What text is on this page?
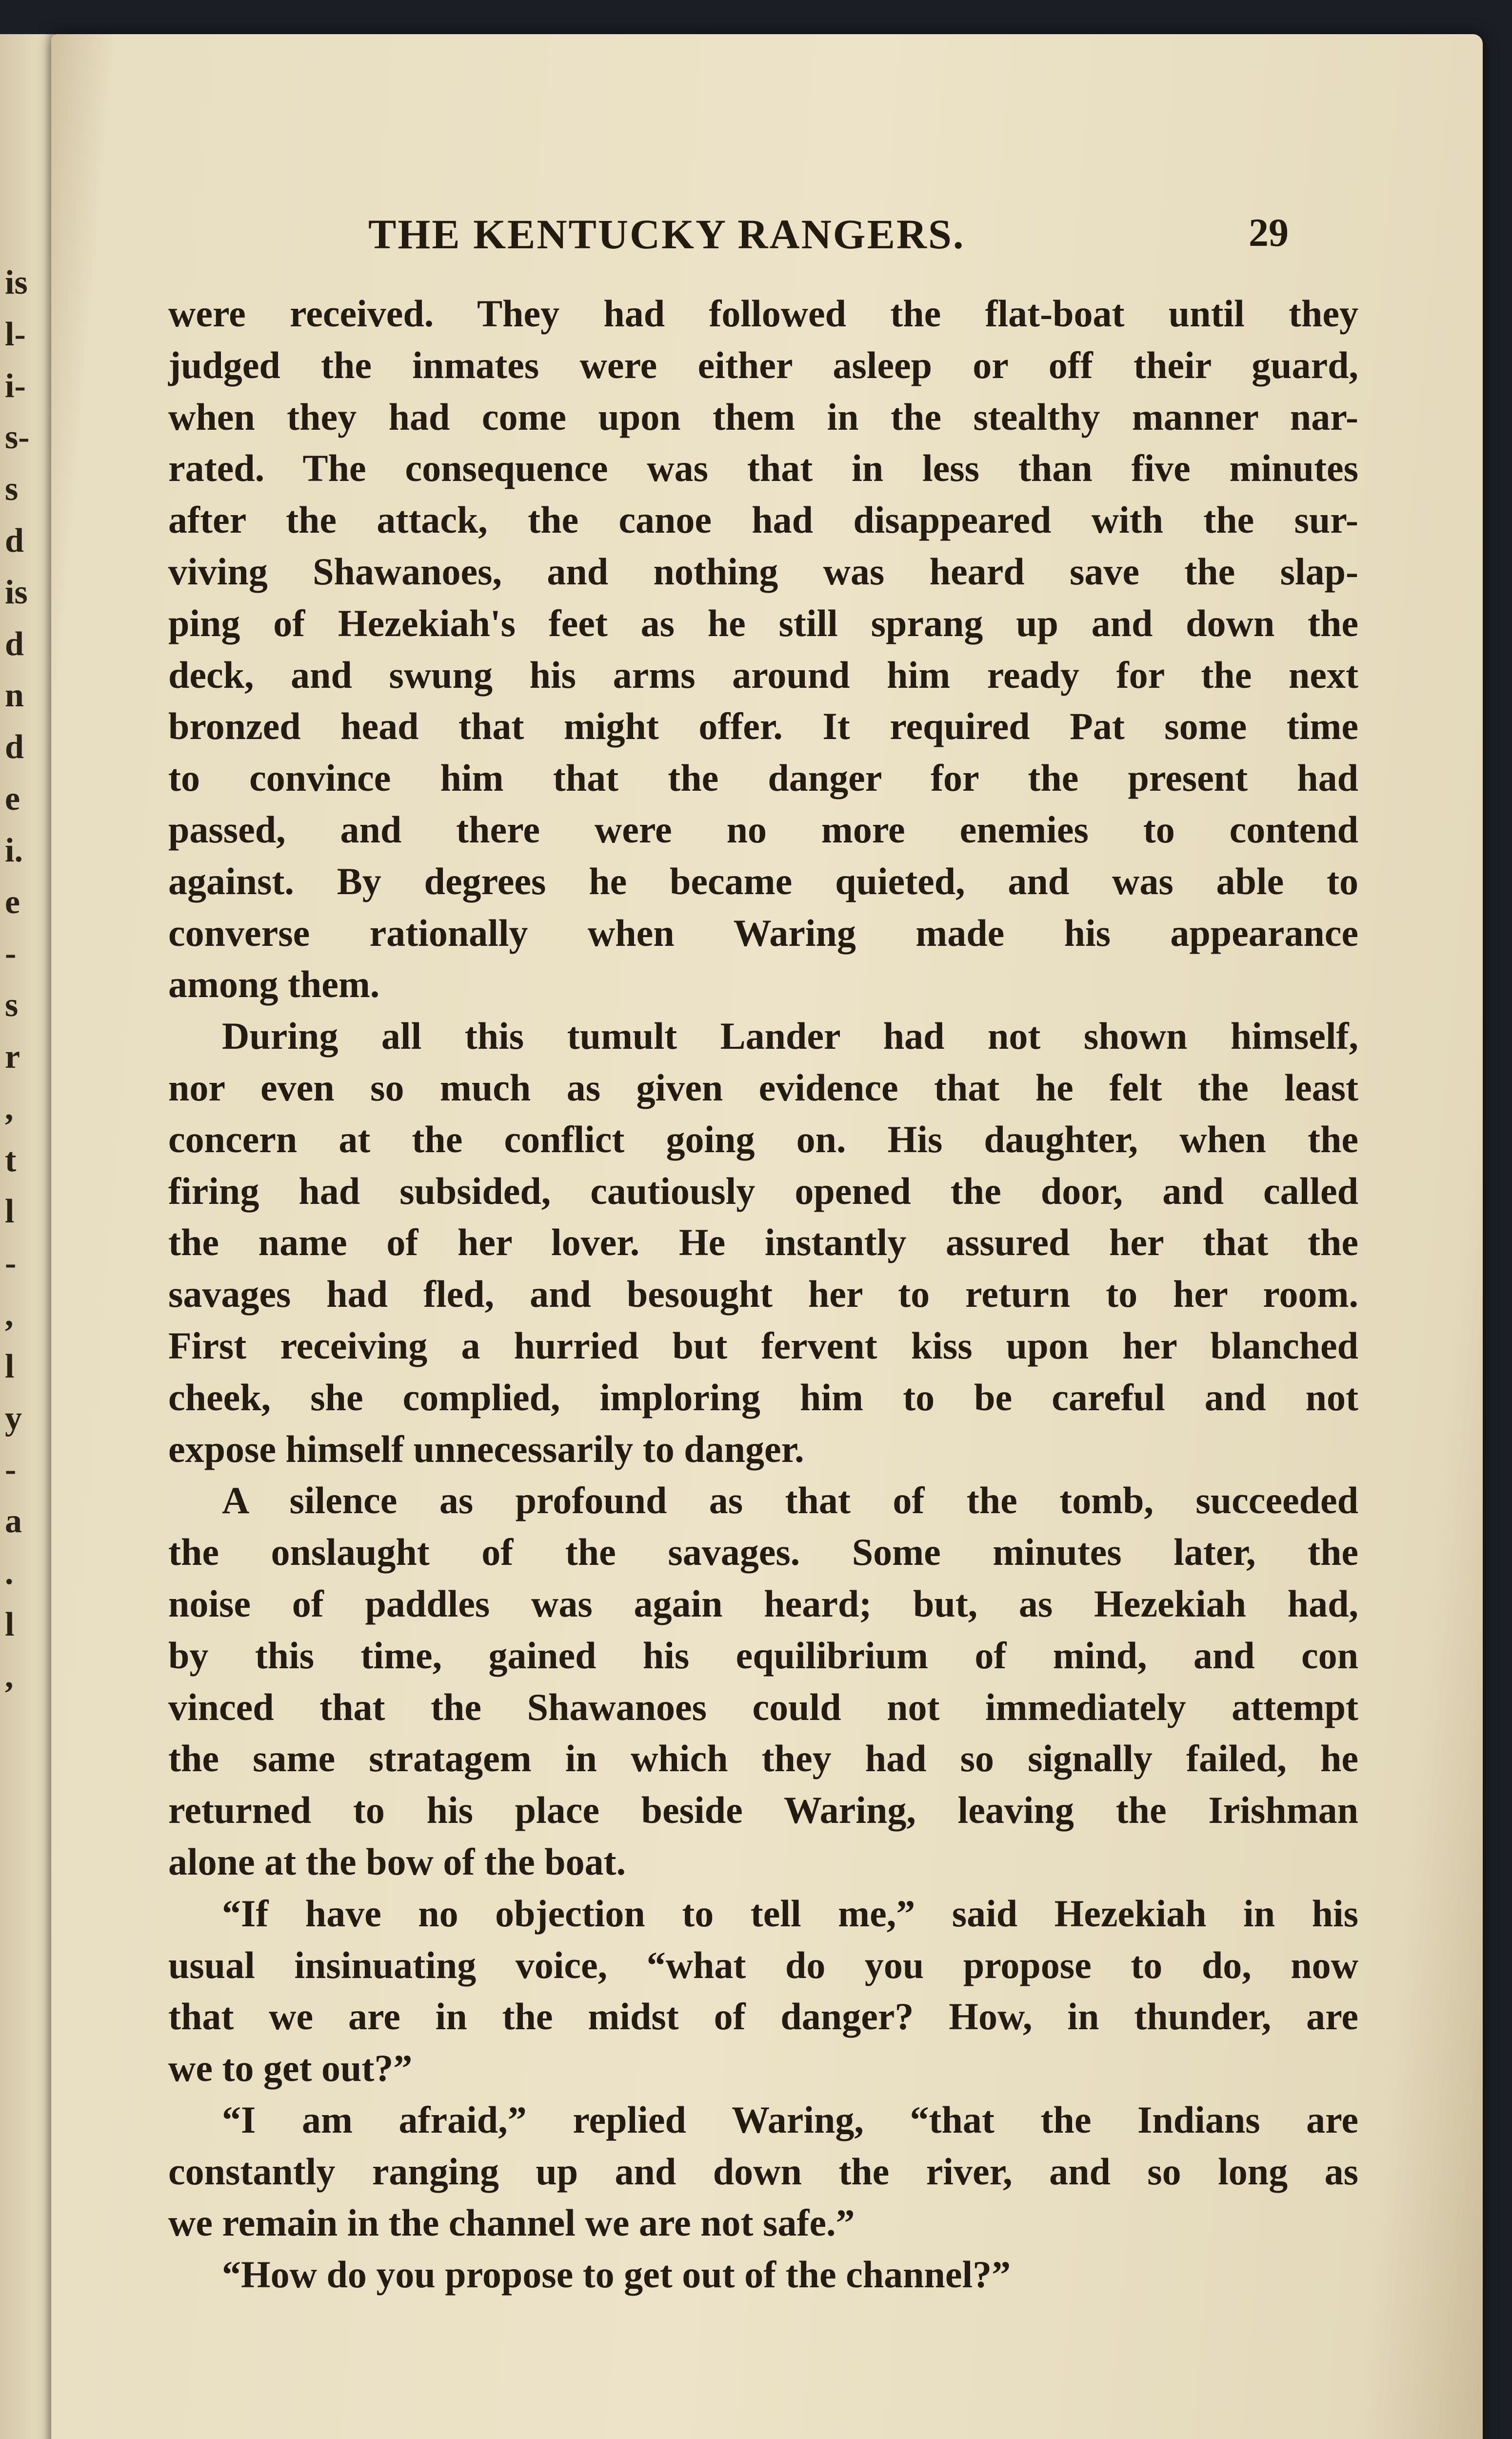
is
l-
i-
s-
s
d
is
d
n
d
e
i.
e
-
s
r
,
t
l
-
,
l
y
-
a
.
l
,
THE KENTUCKY RANGERS.	29
were received. They had followed the flat-boat until they
judged the inmates were either asleep or off their guard,
when they had come upon them in the stealthy manner nar-
rated. The consequence was that in less than five minutes
after the attack, the canoe had disappeared with the sur-
viving Shawanoes, and nothing was heard save the slap-
ping of Hezekiah's feet as he still sprang up and down the
deck, and swung his arms around him ready for the next
bronzed head that might offer. It required Pat some time
to convince him that the danger for the present had
passed, and there were no more enemies to contend
against. By degrees he became quieted, and was able to
converse rationally when Waring made his appearance
among them.
During all this tumult Lander had not shown himself,
nor even so much as given evidence that he felt the least
concern at the conflict going on. His daughter, when the
firing had subsided, cautiously opened the door, and called
the name of her lover. He instantly assured her that the
savages had fled, and besought her to return to her room.
First receiving a hurried but fervent kiss upon her blanched
cheek, she complied, imploring him to be careful and not
expose himself unnecessarily to danger.
A silence as profound as that of the tomb, succeeded
the onslaught of the savages. Some minutes later, the
noise of paddles was again heard; but, as Hezekiah had,
by this time, gained his equilibrium of mind, and con
vinced that the Shawanoes could not immediately attempt
the same stratagem in which they had so signally failed, he
returned to his place beside Waring, leaving the Irishman
alone at the bow of the boat.
“If have no objection to tell me,” said Hezekiah in his
usual insinuating voice, “what do you propose to do, now
that we are in the midst of danger? How, in thunder, are
we to get out?”
“I am afraid,” replied Waring, “that the Indians are
constantly ranging up and down the river, and so long as
we remain in the channel we are not safe.”
“How do you propose to get out of the channel?”
